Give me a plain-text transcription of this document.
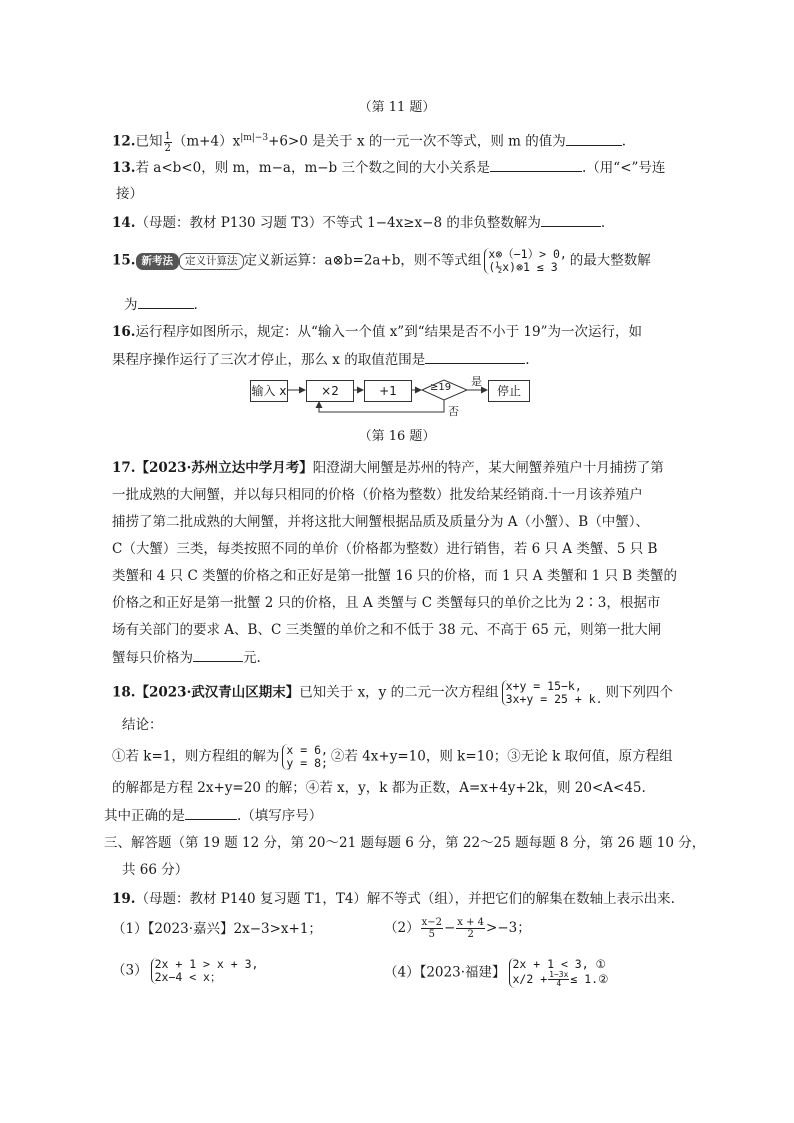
（第 11 题）
12.已知 $\frac{1}{2} (m+4)x^{|m|-3}+6>0$ 是关于 x 的一元一次不等式，则 m 的值为	.
13.若 a<b<0，则 m，m−a，m−b 三个数之间的大小关系是	.（用“<”号连
接）
14.（母题：教材 P130 习题 T3）不等式 1−4x≥x−8 的非负整数解为	.
15. 新考法 定义计算法 定义新运算：a⊗b=2a+b，则不等式组 x⊗（−1）> 0,
(½x)⊗1 ≤ 3 的最大整数解
为	.
16.运行程序如图所示，规定：从“输入一个值 x”到“结果是否不小于 19”为一次运行，如
果程序操作运行了三次才停止，那么 x 的取值范围是	.
输入 x	×2	+1	≥19 是
否
停止
（第 16 题）
17.【2023·苏州立达中学月考】阳澄湖大闸蟹是苏州的特产，某大闸蟹养殖户十月捕捞了第
一批成熟的大闸蟹，并以每只相同的价格（价格为整数）批发给某经销商.十一月该养殖户
捕捞了第二批成熟的大闸蟹，并将这批大闸蟹根据品质及质量分为 A（小蟹）、B（中蟹）、
C（大蟹）三类，每类按照不同的单价（价格都为整数）进行销售，若 6 只 A 类蟹、5 只 B
类蟹和 4 只 C 类蟹的价格之和正好是第一批蟹 16 只的价格，而 1 只 A 类蟹和 1 只 B 类蟹的
价格之和正好是第一批蟹 2 只的价格，且 A 类蟹与 C 类蟹每只的单价之比为 2∶3，根据市
场有关部门的要求 A、B、C 三类蟹的单价之和不低于 38 元、不高于 65 元，则第一批大闸
蟹每只价格为	元.
18.【2023·武汉青山区期末】已知关于 x，y 的二元一次方程组 x+y = 15−k,
3x+y = 25 + k. 则下列四个
结论：
①若 k=1，则方程组的解为 x = 6,
y = 8; ②若 4x+y=10，则 k=10；③无论 k 取何值，原方程组
的解都是方程 2x+y=20 的解；④若 x，y，k 都为正数，A=x+4y+2k，则 20<A<45.
其中正确的是	.（填写序号）
三、解答题（第 19 题 12 分，第 20～21 题每题 6 分，第 22～25 题每题 8 分，第 26 题 10 分，
共 66 分）
19.（母题：教材 P140 复习题 T1，T4）解不等式（组），并把它们的解集在数轴上表示出来.
（1）【2023·嘉兴】2x−3>x+1；	$(2) \frac{x-2}{5} - \frac{x + 4}{2} >-3$；
（3） 2x + 1 > x + 3,
2x−4 < x；	（4）【2023·福建】
2x + 1 < 3, ①
$x/2 + \frac{1-3x}{4}$ ≤ 1.②
